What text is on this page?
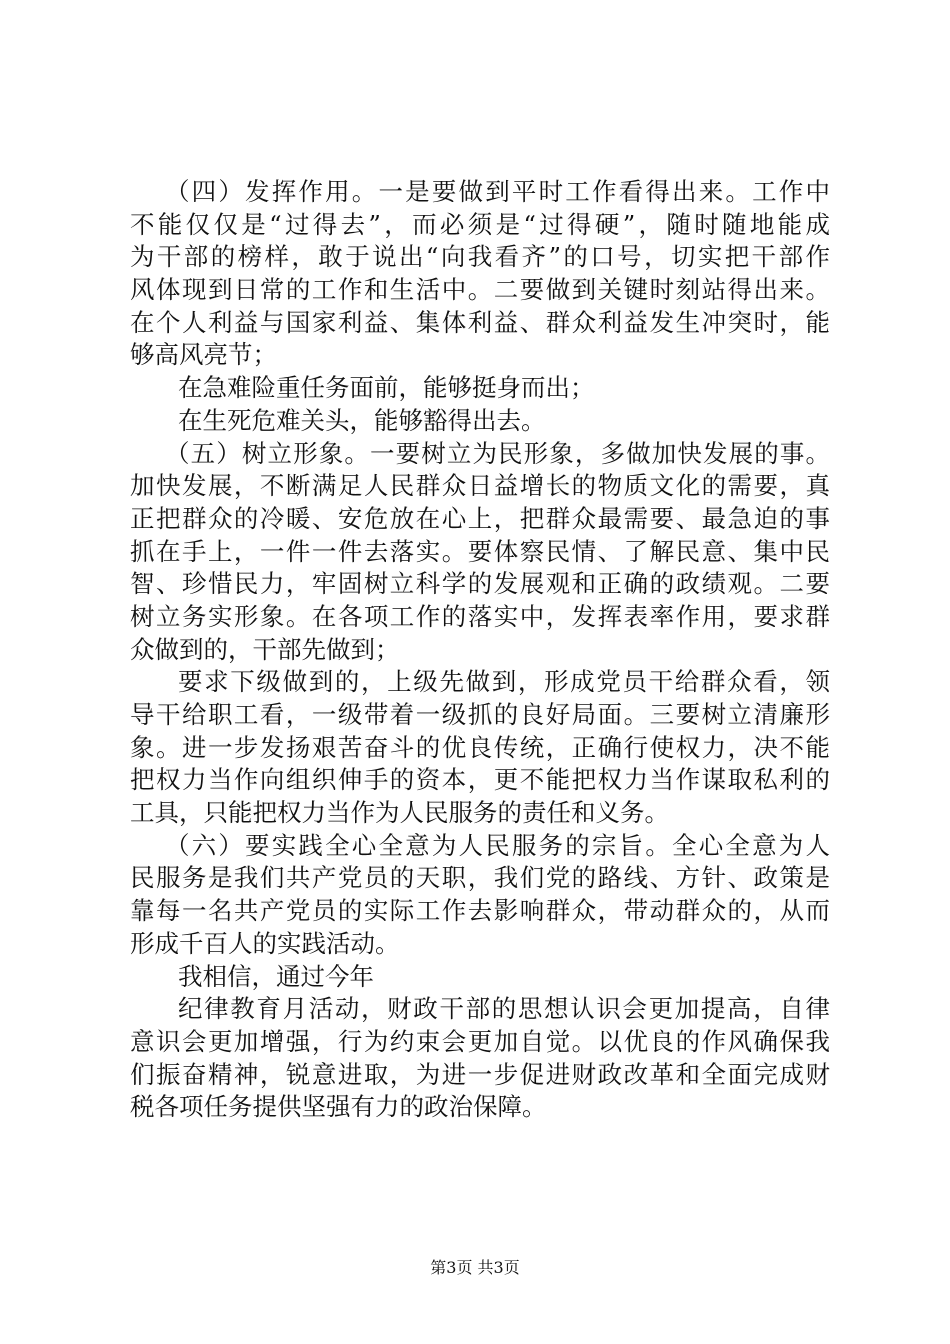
（四）发挥作用。一是要做到平时工作看得出来。工作中
不能仅仅是“过得去”，而必须是“过得硬”，随时随地能成
为干部的榜样，敢于说出“向我看齐”的口号，切实把干部作
风体现到日常的工作和生活中。二要做到关键时刻站得出来。
在个人利益与国家利益、集体利益、群众利益发生冲突时，能
够高风亮节；
在急难险重任务面前，能够挺身而出；
在生死危难关头，能够豁得出去。
（五）树立形象。一要树立为民形象，多做加快发展的事。
加快发展，不断满足人民群众日益增长的物质文化的需要，真
正把群众的冷暖、安危放在心上，把群众最需要、最急迫的事
抓在手上，一件一件去落实。要体察民情、了解民意、集中民
智、珍惜民力，牢固树立科学的发展观和正确的政绩观。二要
树立务实形象。在各项工作的落实中，发挥表率作用，要求群
众做到的，干部先做到；
要求下级做到的，上级先做到，形成党员干给群众看，领
导干给职工看，一级带着一级抓的良好局面。三要树立清廉形
象。进一步发扬艰苦奋斗的优良传统，正确行使权力，决不能
把权力当作向组织伸手的资本，更不能把权力当作谋取私利的
工具，只能把权力当作为人民服务的责任和义务。
（六）要实践全心全意为人民服务的宗旨。全心全意为人
民服务是我们共产党员的天职，我们党的路线、方针、政策是
靠每一名共产党员的实际工作去影响群众，带动群众的，从而
形成千百人的实践活动。
我相信，通过今年
纪律教育月活动，财政干部的思想认识会更加提高，自律
意识会更加增强，行为约束会更加自觉。以优良的作风确保我
们振奋精神，锐意进取，为进一步促进财政改革和全面完成财
税各项任务提供坚强有力的政治保障。
第3页 共3页
